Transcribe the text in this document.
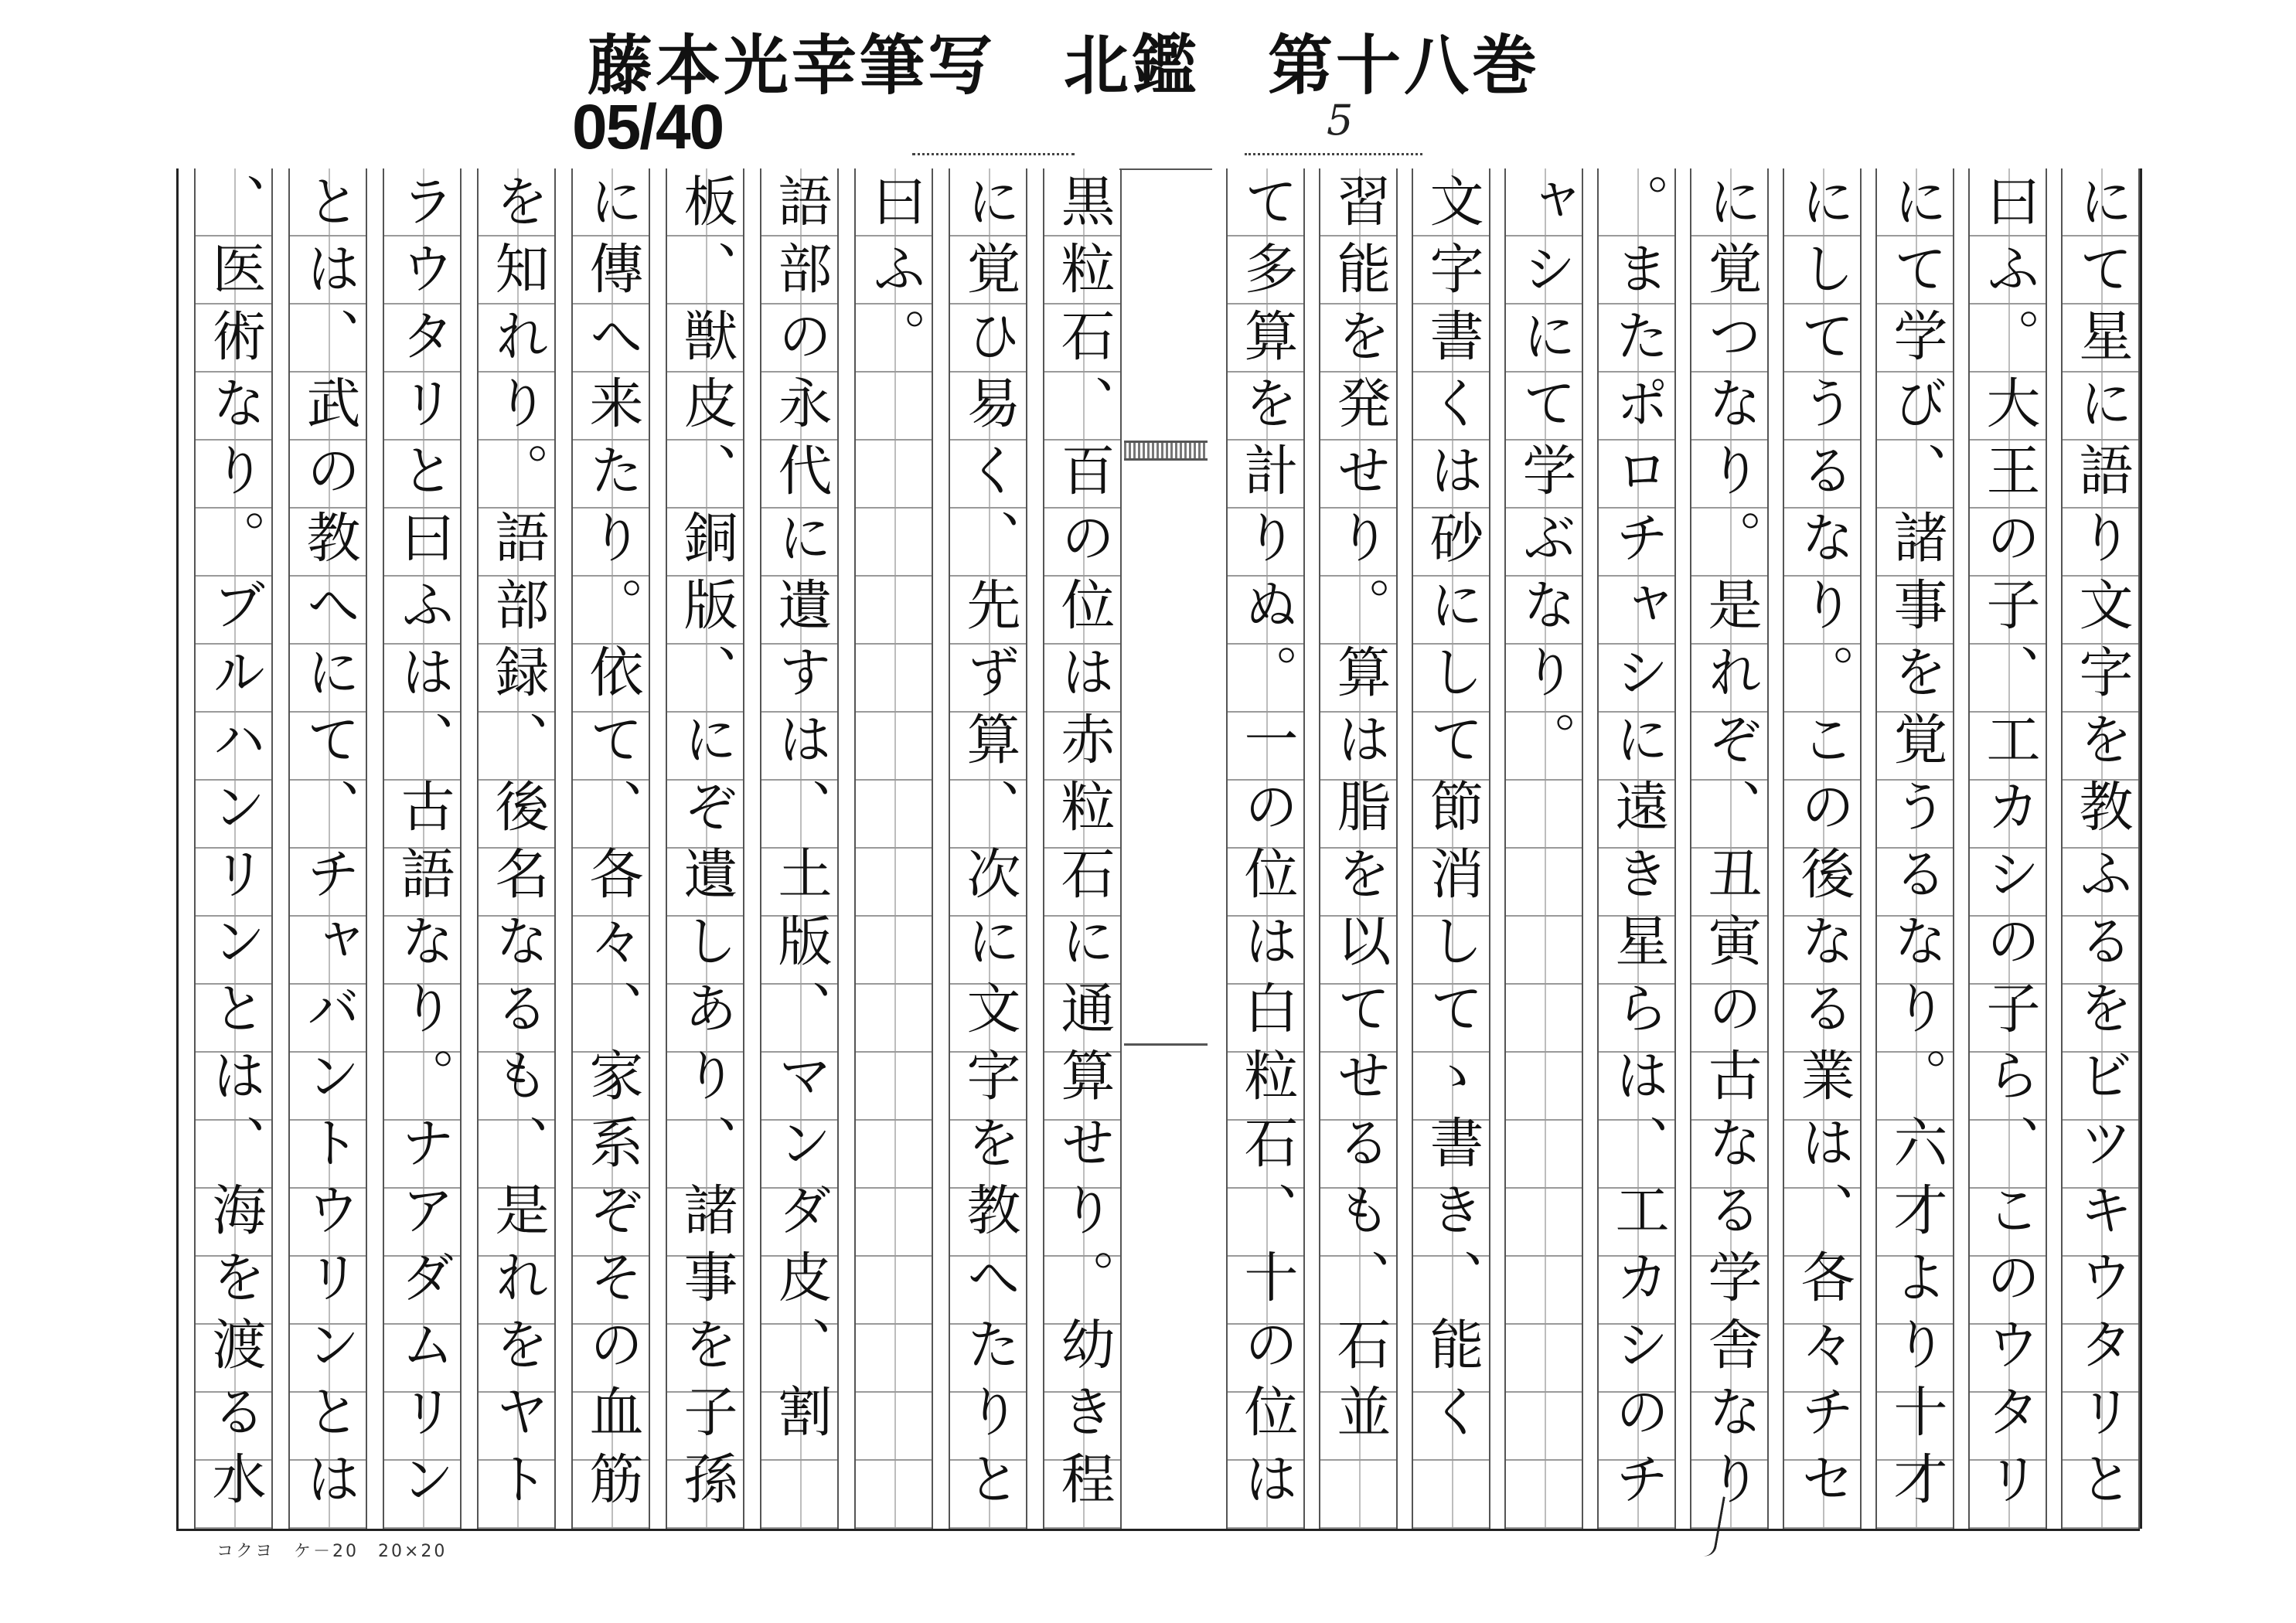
藤本光幸筆写　北鑑　第十八巻
05/40	5
黒粒石、百の位は赤粒石に通算せり。幼き程
に覚ひ易く、先ず算、次に文字を教へたりと
曰ふ。
語部の永代に遺すは、土版、マンダ皮、割
板、獣皮、銅版、にぞ遺しあり、諸事を子孫
に傳へ来たり。依て、各々、家系ぞその血筋
を知れり。語部録、後名なるも、是れをヤト
ラウタリと曰ふは、古語なり。ナアダムリン
とは、武の教へにて、チャバントウリンとは
、医術なり。ブルハンリンとは、海を渡る水	にて星に語り文字を教ふるをビツキウタリと
曰ふ。大王の子、工カシの子ら、このウタリ
にて学び、諸事を覚うるなり。六才より十才
にしてうるなり。この後なる業は、各々チセ
に覚つなり。是れぞ、丑寅の古なる学舎なり
。またポロチャシに遠き星らは、工カシのチ
ャシにて学ぶなり。
文字書くは砂にして節消してゝ書き、能く
習能を発せり。算は脂を以てせるも、石並
て多算を計りぬ。一の位は白粒石、十の位は
コクヨ　ケ－20　20×20
